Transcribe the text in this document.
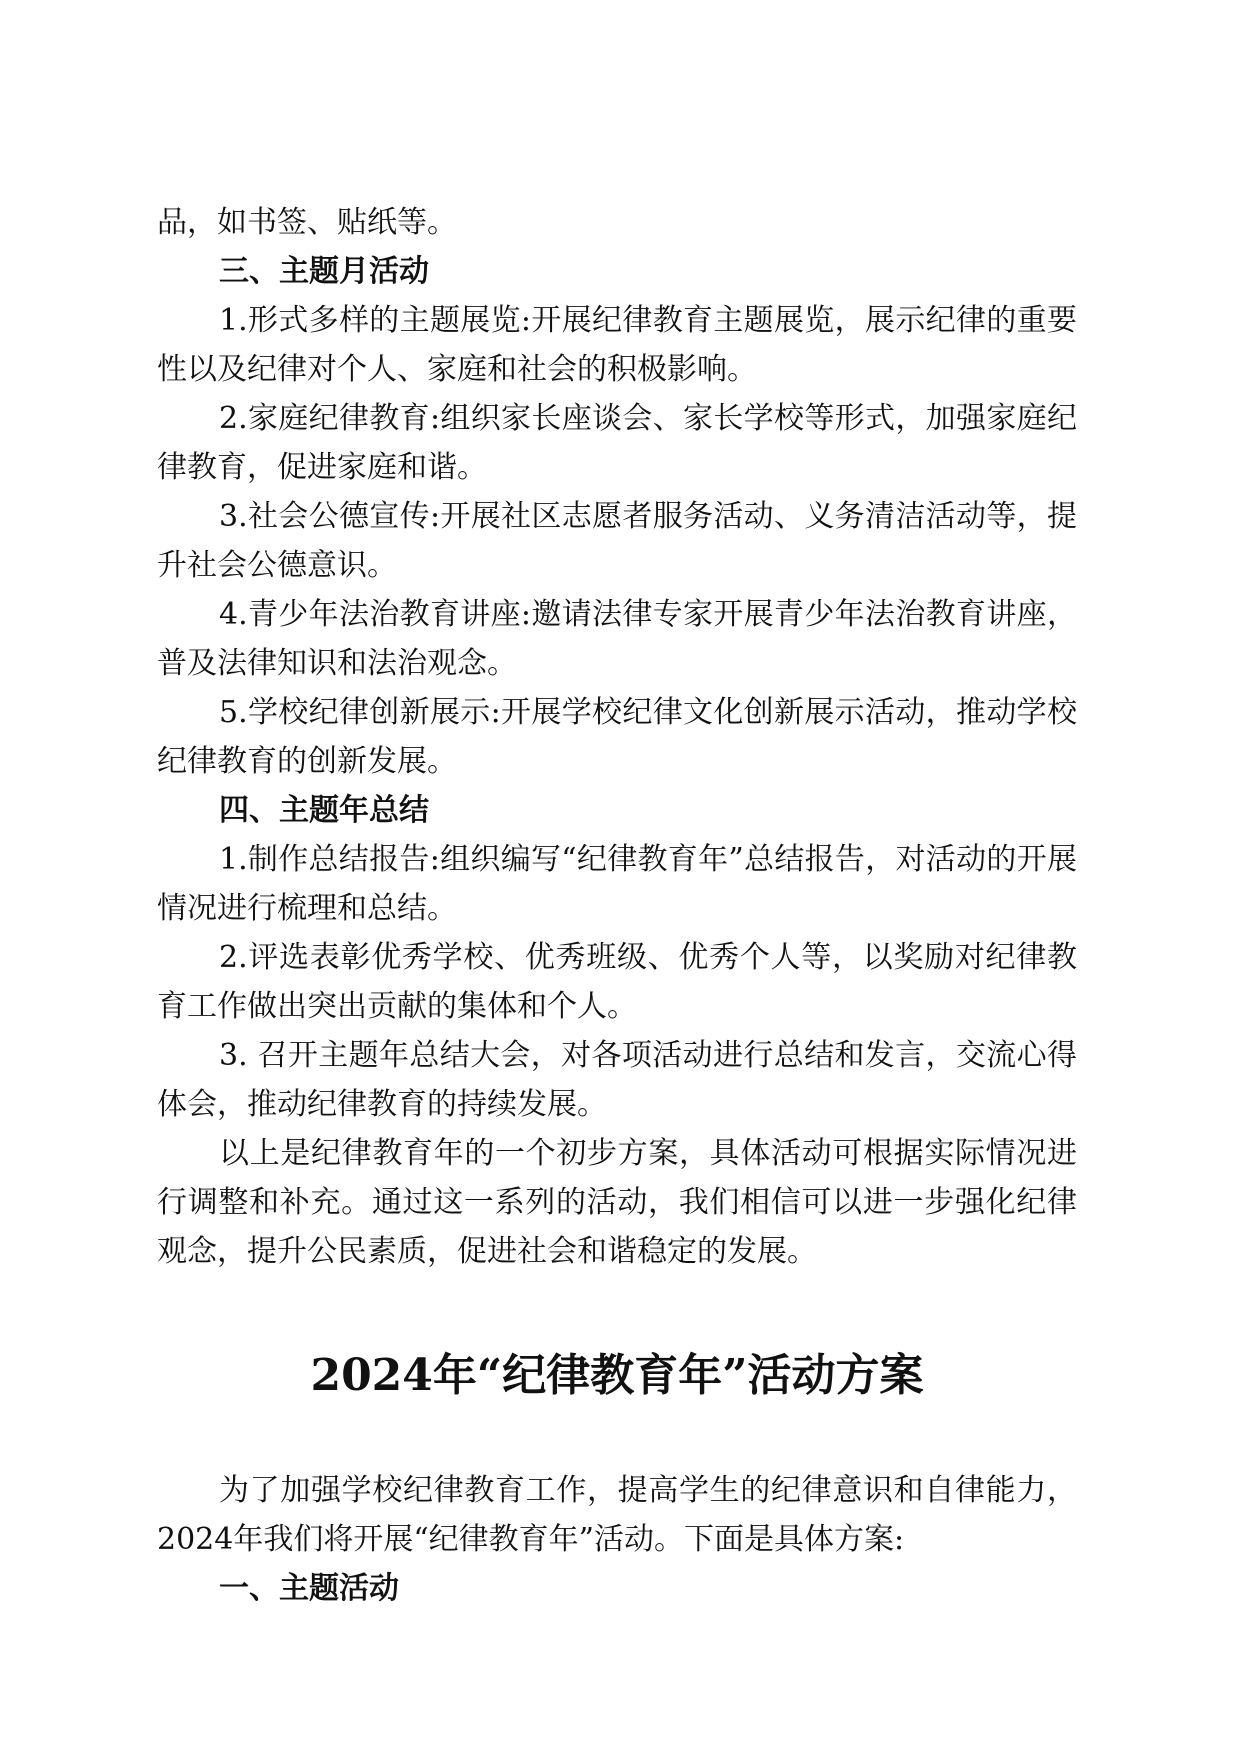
品，如书签、贴纸等。

三、主题月活动

1.形式多样的主题展览:开展纪律教育主题展览，展示纪律的重要性以及纪律对个人、家庭和社会的积极影响。

2.家庭纪律教育:组织家长座谈会、家长学校等形式，加强家庭纪律教育，促进家庭和谐。

3.社会公德宣传:开展社区志愿者服务活动、义务清洁活动等，提升社会公德意识。

4.青少年法治教育讲座:邀请法律专家开展青少年法治教育讲座，普及法律知识和法治观念。

5.学校纪律创新展示:开展学校纪律文化创新展示活动，推动学校纪律教育的创新发展。

四、主题年总结

1.制作总结报告:组织编写“纪律教育年”总结报告，对活动的开展情况进行梳理和总结。

2.评选表彰优秀学校、优秀班级、优秀个人等，以奖励对纪律教育工作做出突出贡献的集体和个人。

3. 召开主题年总结大会，对各项活动进行总结和发言，交流心得体会，推动纪律教育的持续发展。

以上是纪律教育年的一个初步方案，具体活动可根据实际情况进行调整和补充。通过这一系列的活动，我们相信可以进一步强化纪律观念，提升公民素质，促进社会和谐稳定的发展。

2024年“纪律教育年”活动方案

为了加强学校纪律教育工作，提高学生的纪律意识和自律能力，2024年我们将开展“纪律教育年”活动。下面是具体方案:

一、主题活动
